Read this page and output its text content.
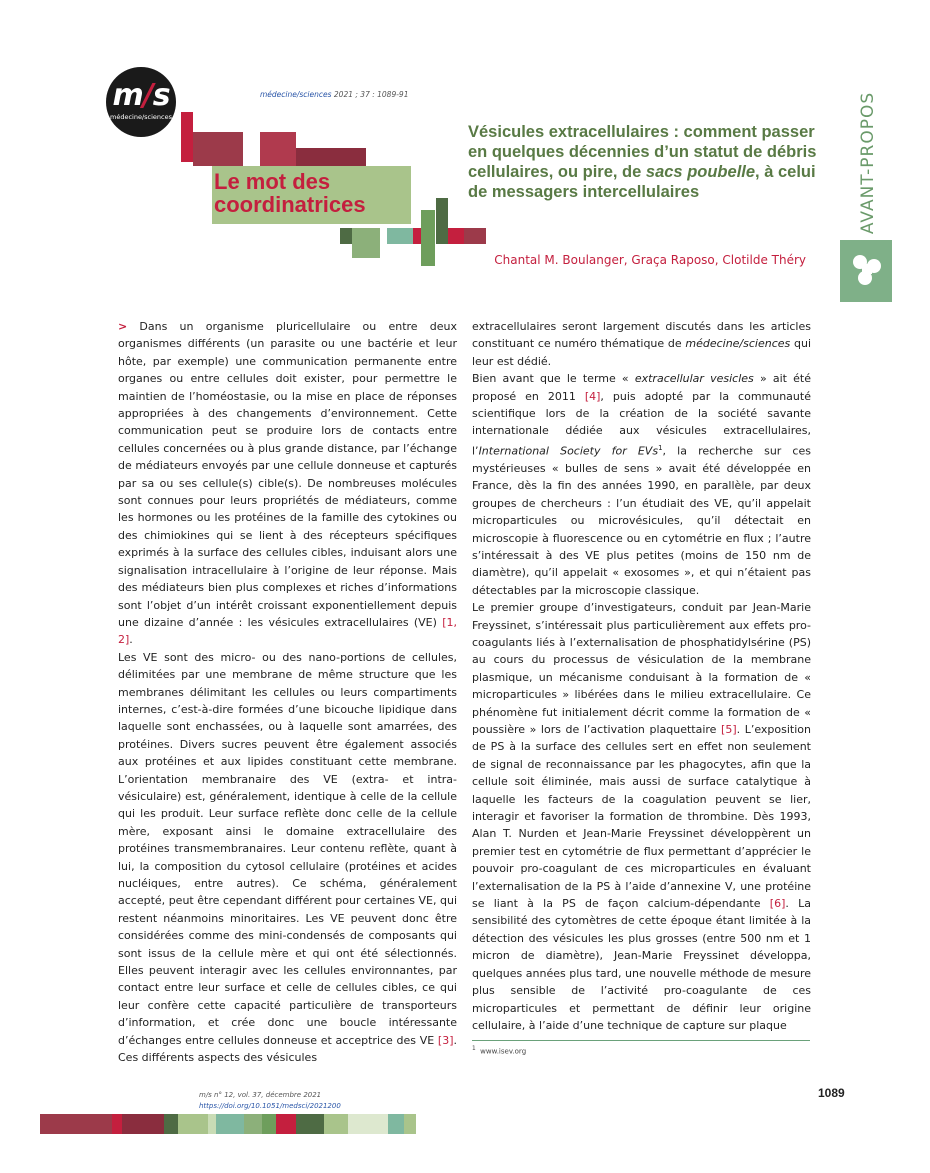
m/s
médecine/sciences
médecine/sciences 2021 ; 37 : 1089-91
Le mot des
coordinatrices
Vésicules extracellulaires : comment passer en quelques décennies d’un statut de débris cellulaires, ou pire, de sacs poubelle, à celui de messagers intercellulaires
Chantal M. Boulanger, Graça Raposo, Clotilde Théry
AVANT-PROPOS

> Dans un organisme pluricellulaire ou entre deux organismes différents (un parasite ou une bactérie et leur hôte, par exemple) une communication permanente entre organes ou entre cellules doit exister, pour permettre le maintien de l’homéostasie, ou la mise en place de réponses appropriées à des changements d’environnement. Cette communication peut se produire lors de contacts entre cellules concernées ou à plus grande distance, par l’échange de médiateurs envoyés par une cellule donneuse et capturés par sa ou ses cellule(s) cible(s). De nombreuses molécules sont connues pour leurs propriétés de médiateurs, comme les hormones ou les protéines de la famille des cytokines ou des chimiokines qui se lient à des récepteurs spécifiques exprimés à la surface des cellules cibles, induisant alors une signalisation intracellulaire à l’origine de leur réponse. Mais des médiateurs bien plus complexes et riches d’informations sont l’objet d’un intérêt croissant exponentiellement depuis une dizaine d’année : les vésicules extracellulaires (VE) [1, 2].

Les VE sont des micro- ou des nano-portions de cellules, délimitées par une membrane de même structure que les membranes délimitant les cellules ou leurs compartiments internes, c’est-à-dire formées d’une bicouche lipidique dans laquelle sont enchassées, ou à laquelle sont amarrées, des protéines. Divers sucres peuvent être également associés aux protéines et aux lipides constituant cette membrane. L’orientation membranaire des VE (extra- et intra-vésiculaire) est, généralement, identique à celle de la cellule qui les produit. Leur surface reflète donc celle de la cellule mère, exposant ainsi le domaine extracellulaire des protéines transmembranaires. Leur contenu reflète, quant à lui, la composition du cytosol cellulaire (protéines et acides nucléiques, entre autres). Ce schéma, généralement accepté, peut être cependant différent pour certaines VE, qui restent néanmoins minoritaires. Les VE peuvent donc être considérées comme des mini-condensés de composants qui sont issus de la cellule mère et qui ont été sélectionnés. Elles peuvent interagir avec les cellules environnantes, par contact entre leur surface et celle de cellules cibles, ce qui leur confère cette capacité particulière de transporteurs d’information, et crée donc une boucle intéressante d’échanges entre cellules donneuse et acceptrice des VE [3]. Ces différents aspects des vésicules

extracellulaires seront largement discutés dans les articles constituant ce numéro thématique de médecine/sciences qui leur est dédié.

Bien avant que le terme « extracellular vesicles » ait été proposé en 2011 [4], puis adopté par la communauté scientifique lors de la création de la société savante internationale dédiée aux vésicules extracellulaires, l’International Society for EVs$^1$, la recherche sur ces mystérieuses « bulles de sens » avait été développée en France, dès la fin des années 1990, en parallèle, par deux groupes de chercheurs : l’un étudiait des VE, qu’il appelait microparticules ou microvésicules, qu’il détectait en microscopie à fluorescence ou en cytométrie en flux ; l’autre s’intéressait à des VE plus petites (moins de 150 nm de diamètre), qu’il appelait « exosomes », et qui n’étaient pas détectables par la microscopie classique.

Le premier groupe d’investigateurs, conduit par Jean-Marie Freyssinet, s’intéressait plus particulièrement aux effets pro-coagulants liés à l’externalisation de phosphatidylsérine (PS) au cours du processus de vésiculation de la membrane plasmique, un mécanisme conduisant à la formation de « microparticules » libérées dans le milieu extracellulaire. Ce phénomène fut initialement décrit comme la formation de « poussière » lors de l’activation plaquettaire [5]. L’exposition de PS à la surface des cellules sert en effet non seulement de signal de reconnaissance par les phagocytes, afin que la cellule soit éliminée, mais aussi de surface catalytique à laquelle les facteurs de la coagulation peuvent se lier, interagir et favoriser la formation de thrombine. Dès 1993, Alan T. Nurden et Jean-Marie Freyssinet développèrent un premier test en cytométrie de flux permettant d’apprécier le pouvoir pro-coagulant de ces microparticules en évaluant l’externalisation de la PS à l’aide d’annexine V, une protéine se liant à la PS de façon calcium-dépendante [6]. La sensibilité des cytomètres de cette époque étant limitée à la détection des vésicules les plus grosses (entre 500 nm et 1 micron de diamètre), Jean-Marie Freyssinet développa, quelques années plus tard, une nouvelle méthode de mesure plus sensible de l’activité pro-coagulante de ces microparticules et permettant de définir leur origine cellulaire, à l’aide d’une technique de capture sur plaque

$^1$ www.isev.org
m/s n° 12, vol. 37, décembre 2021
https://doi.org/10.1051/medsci/2021200
1089
